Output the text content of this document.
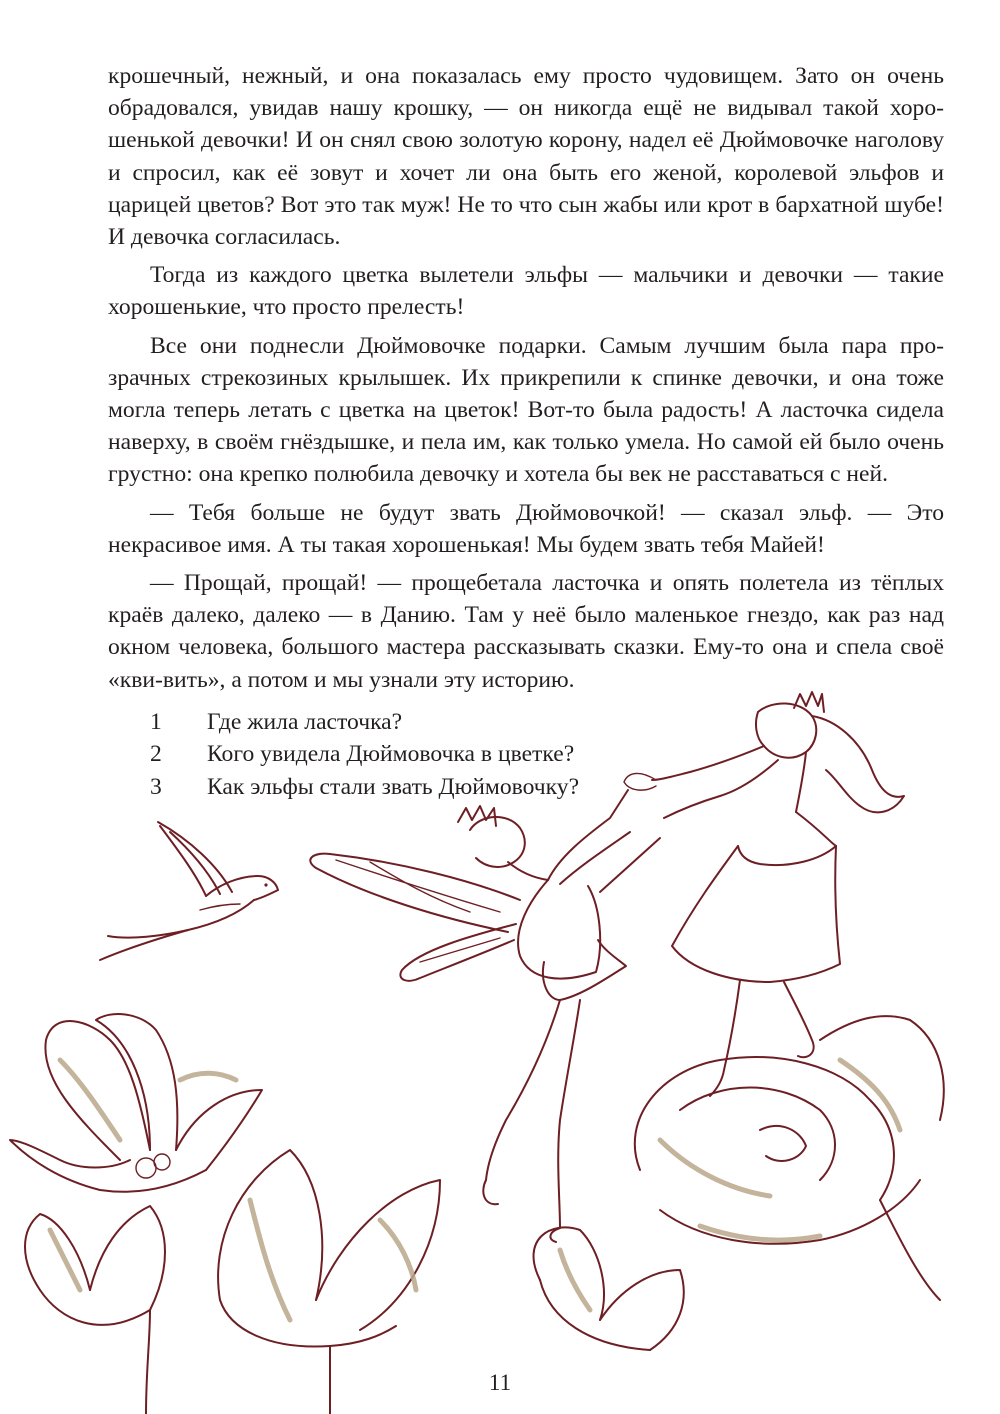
крошечный, нежный, и она показалась ему просто чудовищем. Зато он очень обрадовался, увидав нашу крошку, — он никогда ещё не видывал такой хорошенькой девочки! И он снял свою золотую корону, надел её Дюймовочке наголову и спросил, как её зовут и хочет ли она быть его женой, королевой эльфов и царицей цветов? Вот это так муж! Не то что сын жабы или крот в бархатной шубе! И девочка согласилась.

Тогда из каждого цветка вылетели эльфы — мальчики и девочки — такие хорошенькие, что просто прелесть!

Все они поднесли Дюймовочке подарки. Самым лучшим была пара прозрачных стрекозиных крылышек. Их прикрепили к спинке девочки, и она тоже могла теперь летать с цветка на цветок! Вот-то была радость! А ласточка сидела наверху, в своём гнёздышке, и пела им, как только умела. Но самой ей было очень грустно: она крепко полюбила девочку и хотела бы век не расставаться с ней.

— Тебя больше не будут звать Дюймовочкой! — сказал эльф. — Это некрасивое имя. А ты такая хорошенькая! Мы будем звать тебя Майей!

— Прощай, прощай! — прощебетала ласточка и опять полетела из тёплых краёв далеко, далеко — в Данию. Там у неё было маленькое гнездо, как раз над окном человека, большого мастера рассказывать сказки. Ему-то она и спела своё «кви-вить», а потом и мы узнали эту историю.

1	Где жила ласточка?
2	Кого увидела Дюймовочка в цветке?
3	Как эльфы стали звать Дюймовочку?
11
